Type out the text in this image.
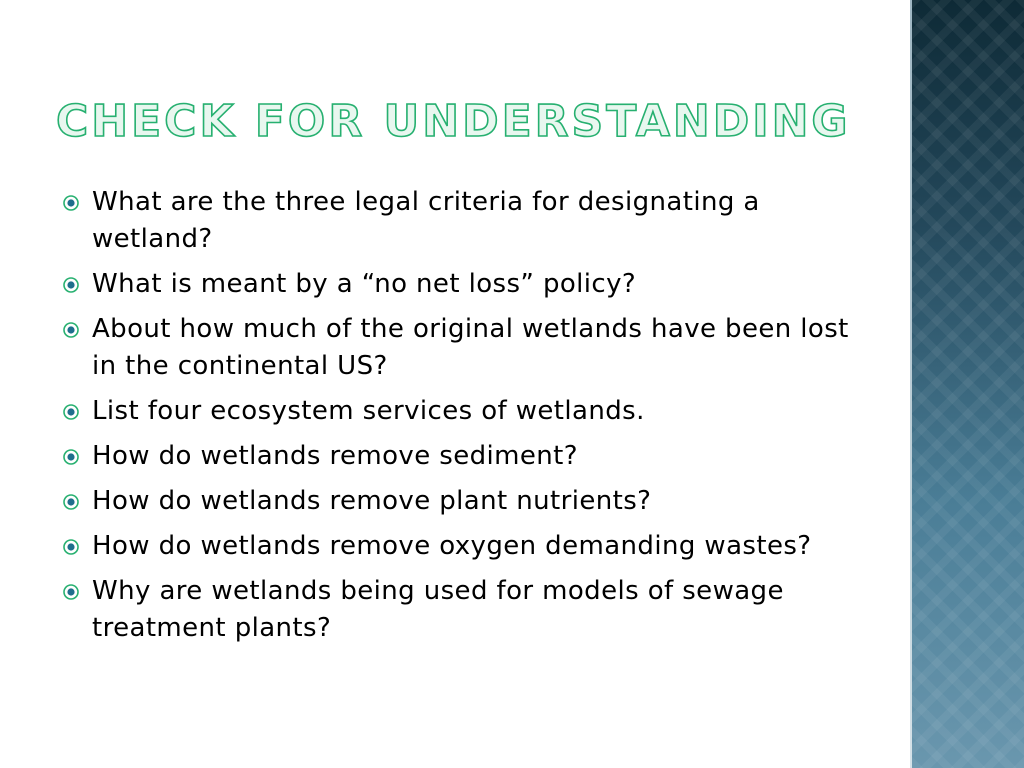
CHECK FOR UNDERSTANDING
What are the three legal criteria for designating a wetland?
What is meant by a “no net loss” policy?
About how much of the original wetlands have been lost in the continental US?
List four ecosystem services of wetlands.
How do wetlands remove sediment?
How do wetlands remove plant nutrients?
How do wetlands remove oxygen demanding wastes?
Why are wetlands being used for models of sewage treatment plants?
